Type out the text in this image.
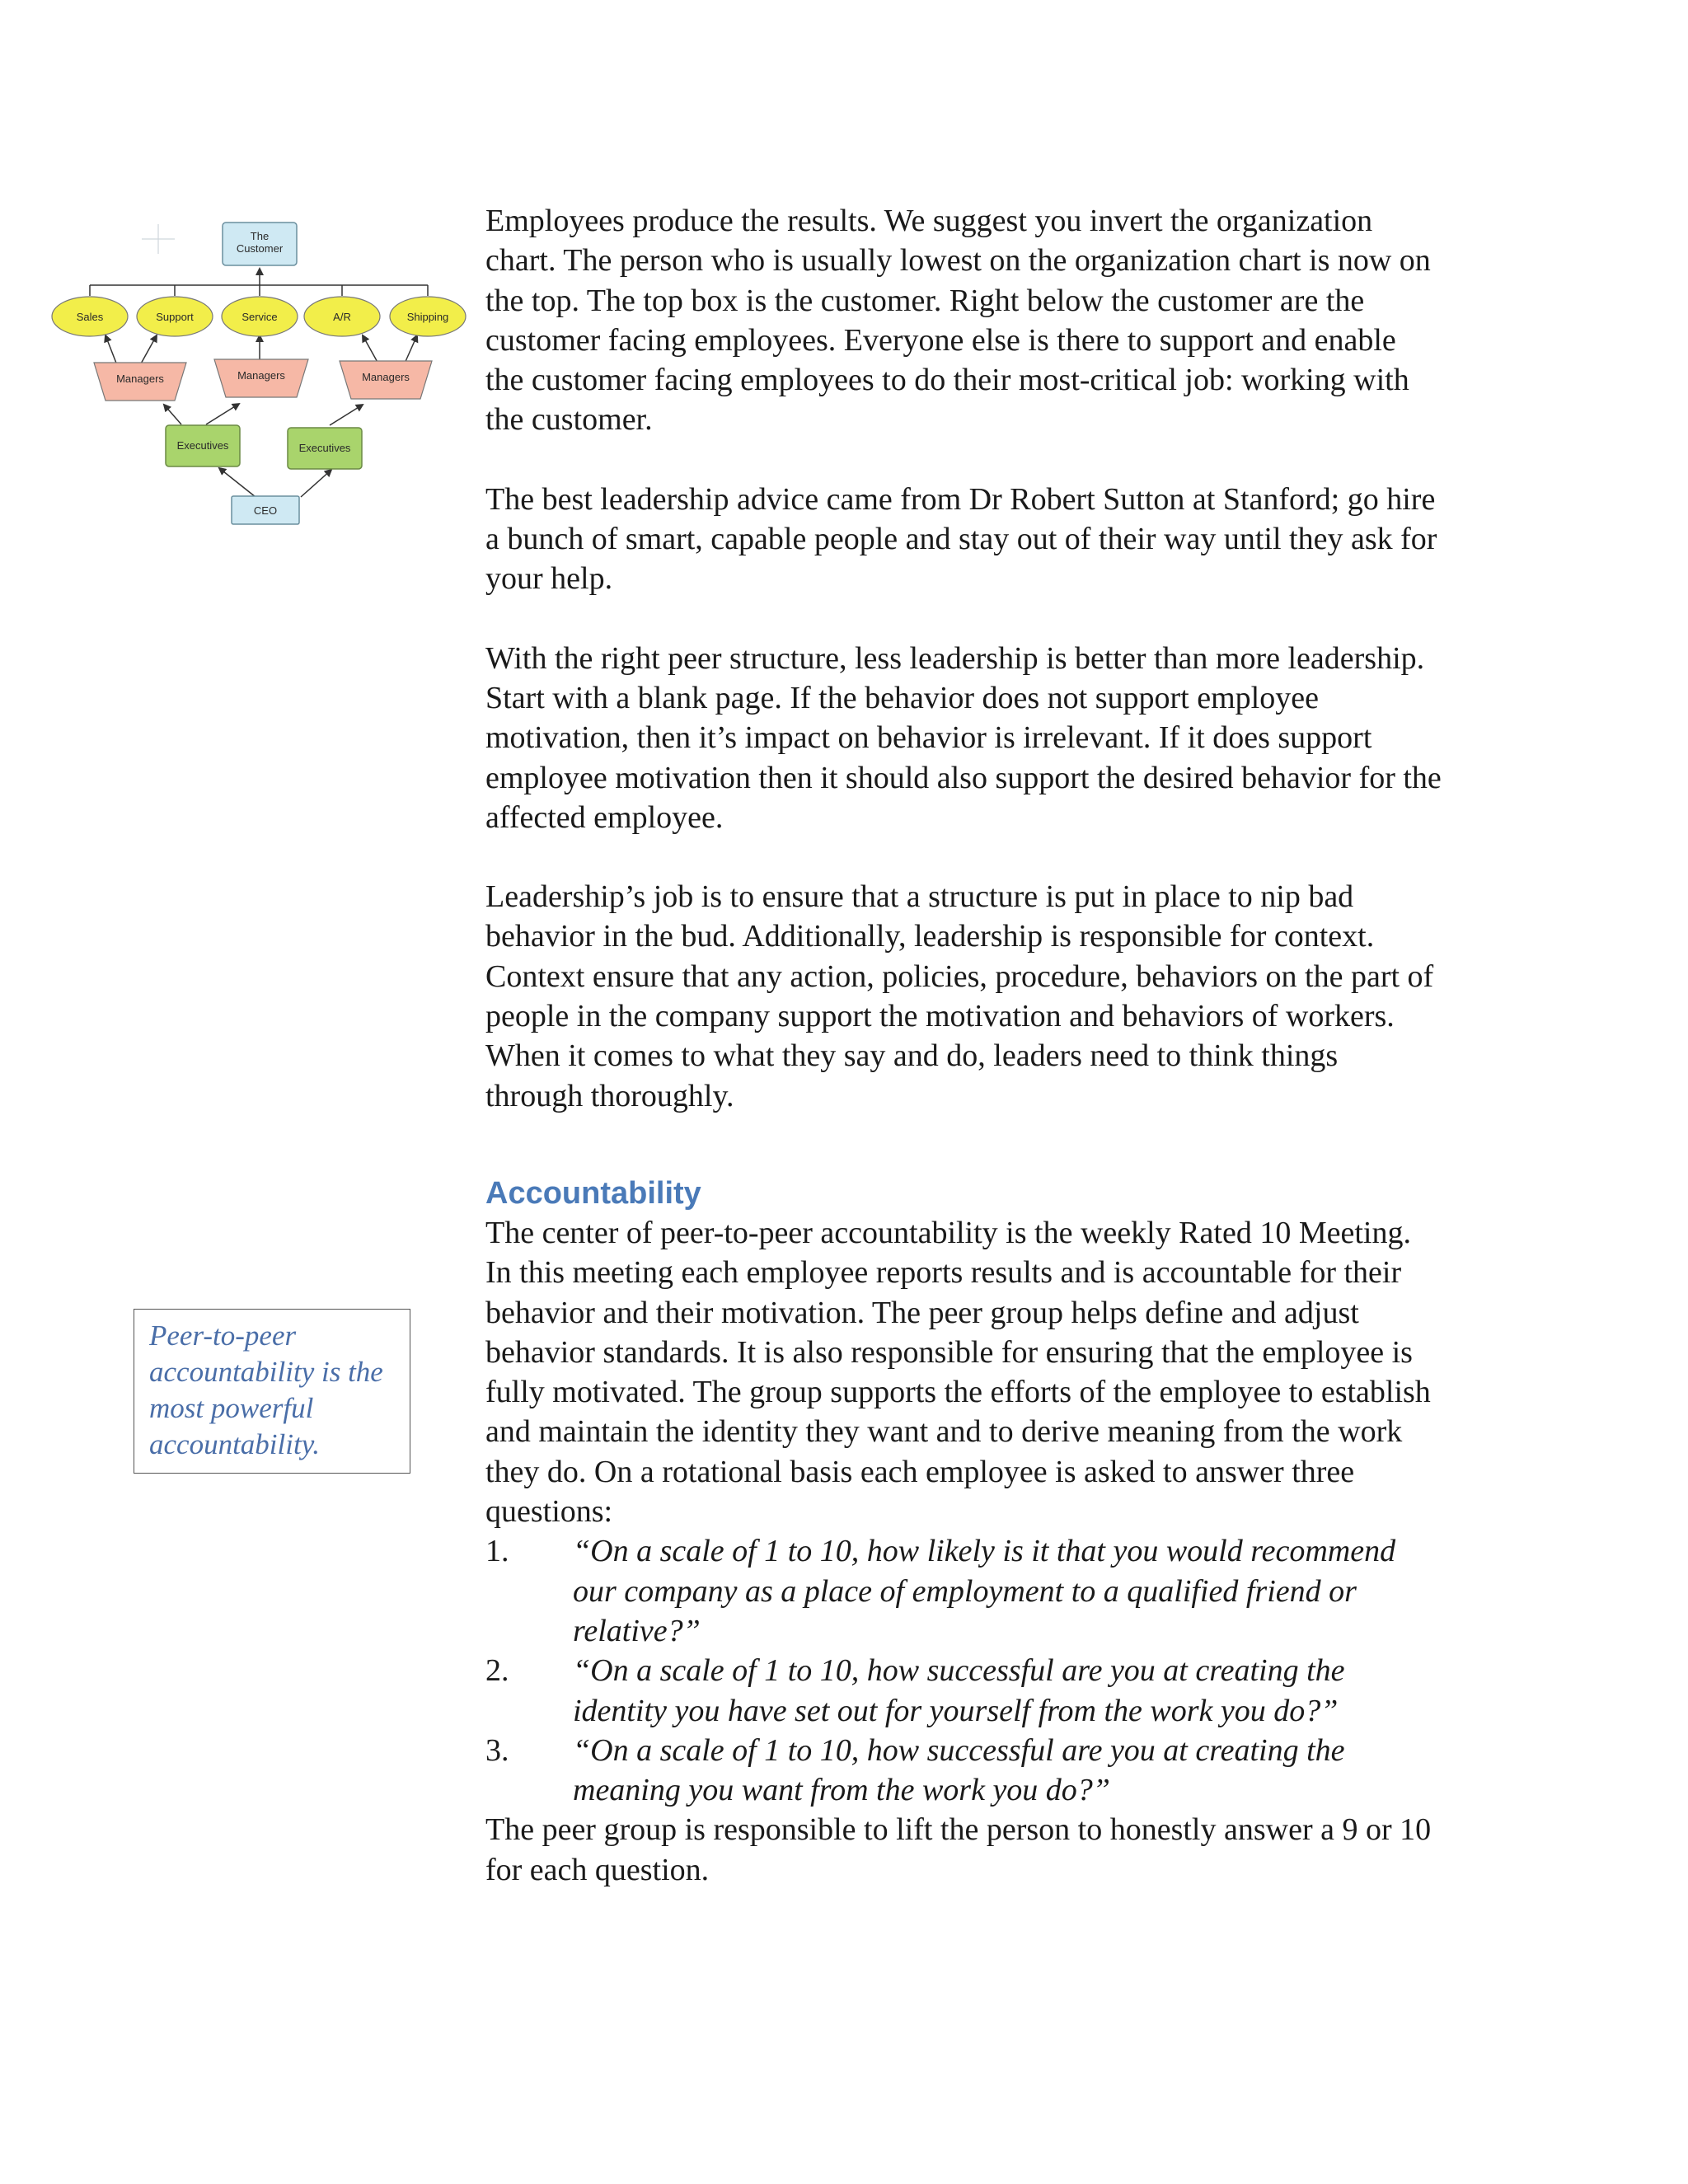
The
Customer
Sales	Support	Service	A/R	Shipping
Managers	Managers	Managers
Executives	Executives
CEO

Employees produce the results. We suggest you invert the organization chart. The person who is usually lowest on the organization chart is now on the top. The top box is the customer. Right below the customer are the customer facing employees. Everyone else is there to support and enable the customer facing employees to do their most-critical job: working with the customer.

The best leadership advice came from Dr Robert Sutton at Stanford; go hire a bunch of smart, capable people and stay out of their way until they ask for your help.

With the right peer structure, less leadership is better than more leadership. Start with a blank page. If the behavior does not support employee motivation, then it’s impact on behavior is irrelevant. If it does support employee motivation then it should also support the desired behavior for the affected employee.

Leadership’s job is to ensure that a structure is put in place to nip bad behavior in the bud. Additionally, leadership is responsible for context. Context ensure that any action, policies, procedure, behaviors on the part of people in the company support the motivation and behaviors of workers. When it comes to what they say and do, leaders need to think things through thoroughly.

Accountability

The center of peer-to-peer accountability is the weekly Rated 10 Meeting. In this meeting each employee reports results and is accountable for their behavior and their motivation. The peer group helps define and adjust behavior standards. It is also responsible for ensuring that the employee is fully motivated. The group supports the efforts of the employee to establish and maintain the identity they want and to derive meaning from the work they do. On a rotational basis each employee is asked to answer three questions:

1. “On a scale of 1 to 10, how likely is it that you would recommend our company as a place of employment to a qualified friend or relative?”
2. “On a scale of 1 to 10, how successful are you at creating the identity you have set out for yourself from the work you do?”
3. “On a scale of 1 to 10, how successful are you at creating the meaning you want from the work you do?”

The peer group is responsible to lift the person to honestly answer a 9 or 10 for each question.

Peer-to-peer accountability is the most powerful accountability.
